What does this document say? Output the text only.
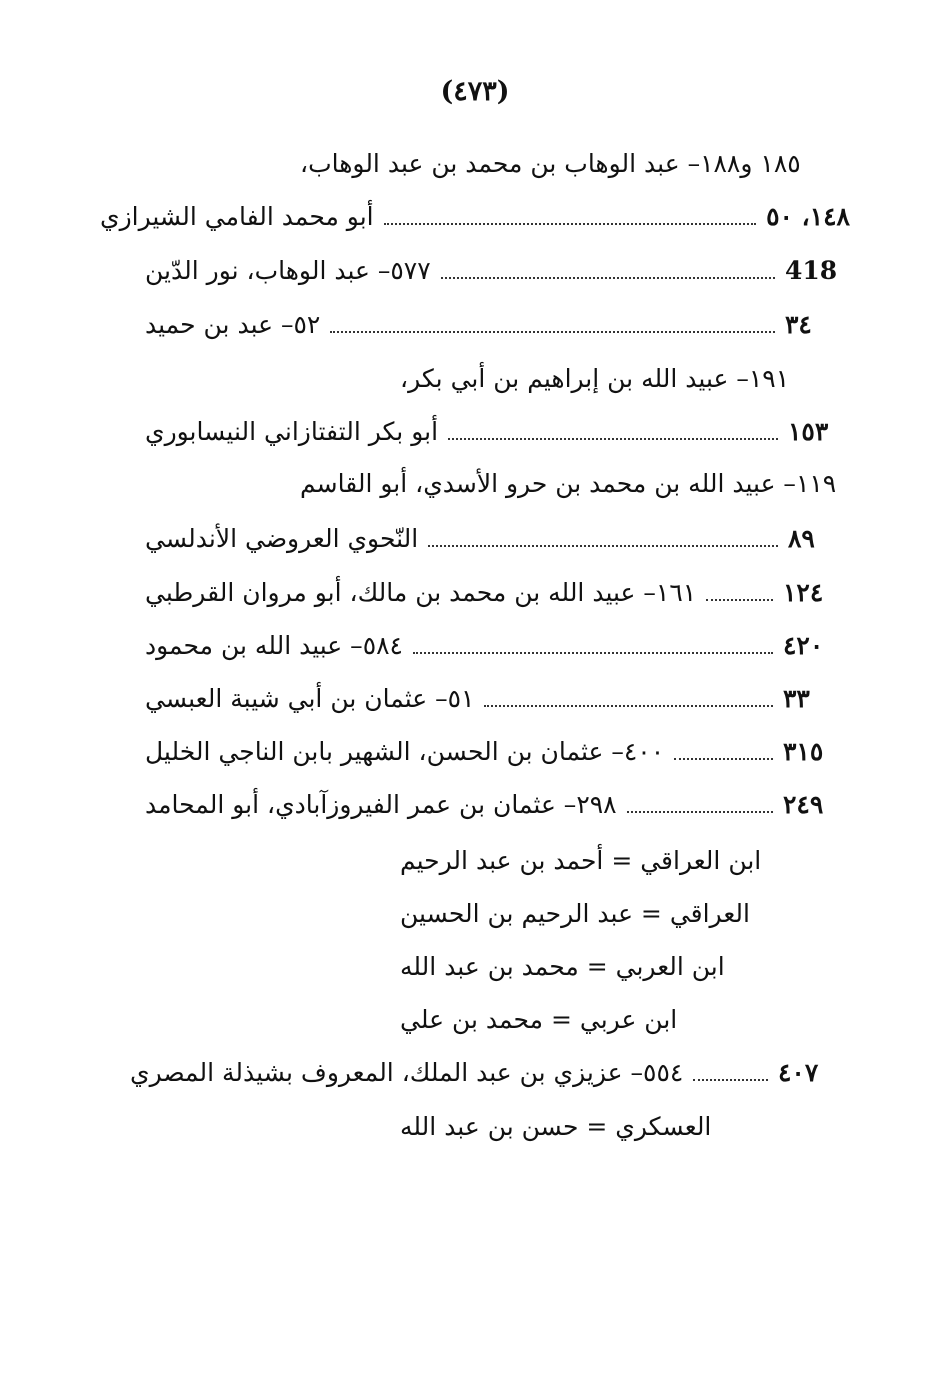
(٤٧٣)
١٨٥ و١٨٨– عبد الوهاب بن محمد بن عبد الوهاب،
أبو محمد الفامي الشيرازي	١٤٨، ٥٠
٥٧٧– عبد الوهاب، نور الدّين	418
٥٢– عبد بن حميد	٣٤
١٩١– عبيد الله بن إبراهيم بن أبي بكر،
أبو بكر التفتازاني النيسابوري	١٥٣
١١٩– عبيد الله بن محمد بن حرو الأسدي، أبو القاسم
النّحوي العروضي الأندلسي	٨٩
١٦١– عبيد الله بن محمد بن مالك، أبو مروان القرطبي	١٢٤
٥٨٤– عبيد الله بن محمود	٤٢٠
٥١– عثمان بن أبي شيبة العبسي	٣٣
٤٠٠– عثمان بن الحسن، الشهير بابن الناجي الخليل	٣١٥
٢٩٨– عثمان بن عمر الفيروزآبادي، أبو المحامد	٢٤٩
ابن العراقي = أحمد بن عبد الرحيم
العراقي = عبد الرحيم بن الحسين
ابن العربي = محمد بن عبد الله
ابن عربي = محمد بن علي
٥٥٤– عزيزي بن عبد الملك، المعروف بشيذلة المصري	٤٠٧
العسكري = حسن بن عبد الله
